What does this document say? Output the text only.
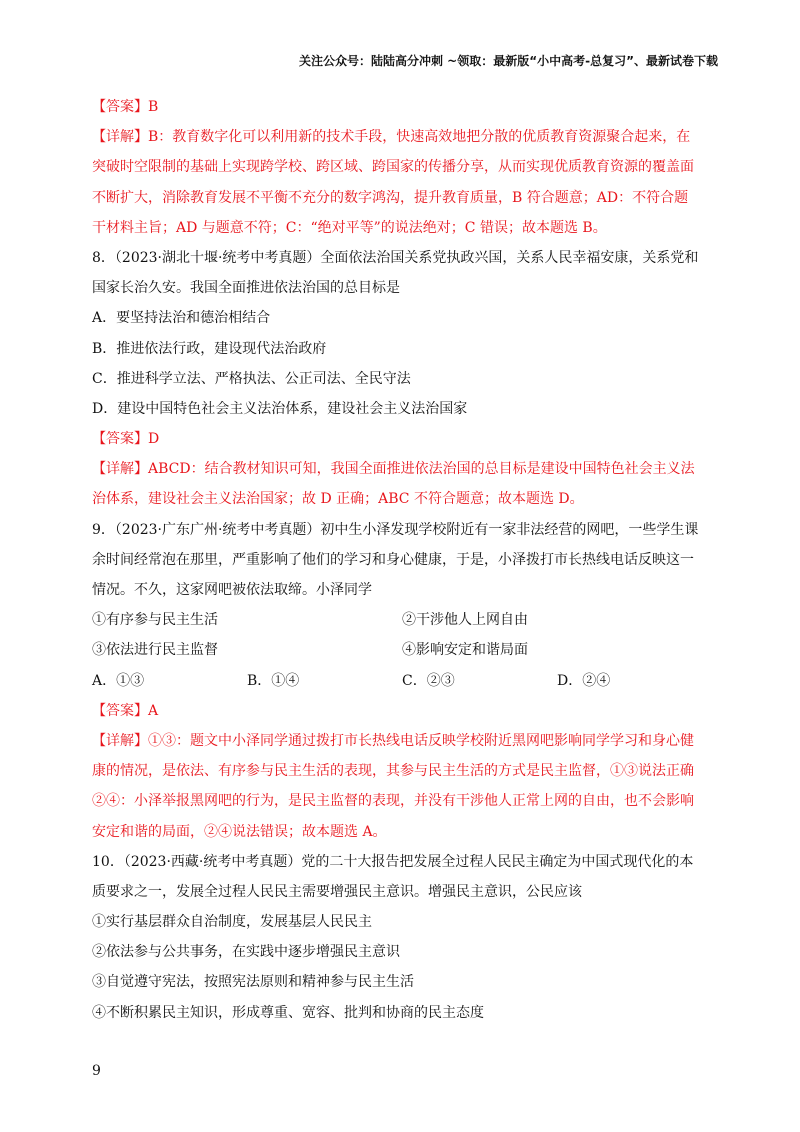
关注公众号：陆陆高分冲刺 ~领取：最新版“小中高考-总复习”、最新试卷下载
【答案】B
【详解】B：教育数字化可以利用新的技术手段，快速高效地把分散的优质教育资源聚合起来，在
突破时空限制的基础上实现跨学校、跨区域、跨国家的传播分享，从而实现优质教育资源的覆盖面
不断扩大，消除教育发展不平衡不充分的数字鸿沟，提升教育质量，B 符合题意；AD：不符合题
干材料主旨；AD 与题意不符；C：“绝对平等”的说法绝对；C 错误；故本题选 B。
8．（2023·湖北十堰·统考中考真题）全面依法治国关系党执政兴国，关系人民幸福安康，关系党和
国家长治久安。我国全面推进依法治国的总目标是
A．要坚持法治和德治相结合
B．推进依法行政，建设现代法治政府
C．推进科学立法、严格执法、公正司法、全民守法
D．建设中国特色社会主义法治体系，建设社会主义法治国家
【答案】D
【详解】ABCD：结合教材知识可知，我国全面推进依法治国的总目标是建设中国特色社会主义法
治体系，建设社会主义法治国家；故 D 正确；ABC 不符合题意；故本题选 D。
9．（2023·广东广州·统考中考真题）初中生小泽发现学校附近有一家非法经营的网吧，一些学生课
余时间经常泡在那里，严重影响了他们的学习和身心健康，于是，小泽拨打市长热线电话反映这一
情况。不久，这家网吧被依法取缔。小泽同学
①有序参与民主生活	②干涉他人上网自由
③依法进行民主监督	④影响安定和谐局面
A．①③	B．①④	C．②③	D．②④
【答案】A
【详解】①③：题文中小泽同学通过拨打市长热线电话反映学校附近黑网吧影响同学学习和身心健
康的情况，是依法、有序参与民主生活的表现，其参与民主生活的方式是民主监督，①③说法正确
②④：小泽举报黑网吧的行为，是民主监督的表现，并没有干涉他人正常上网的自由，也不会影响
安定和谐的局面，②④说法错误；故本题选 A。
10．（2023·西藏·统考中考真题）党的二十大报告把发展全过程人民民主确定为中国式现代化的本
质要求之一，发展全过程人民民主需要增强民主意识。增强民主意识，公民应该
①实行基层群众自治制度，发展基层人民民主
②依法参与公共事务，在实践中逐步增强民主意识
③自觉遵守宪法，按照宪法原则和精神参与民主生活
④不断积累民主知识，形成尊重、宽容、批判和协商的民主态度
9
